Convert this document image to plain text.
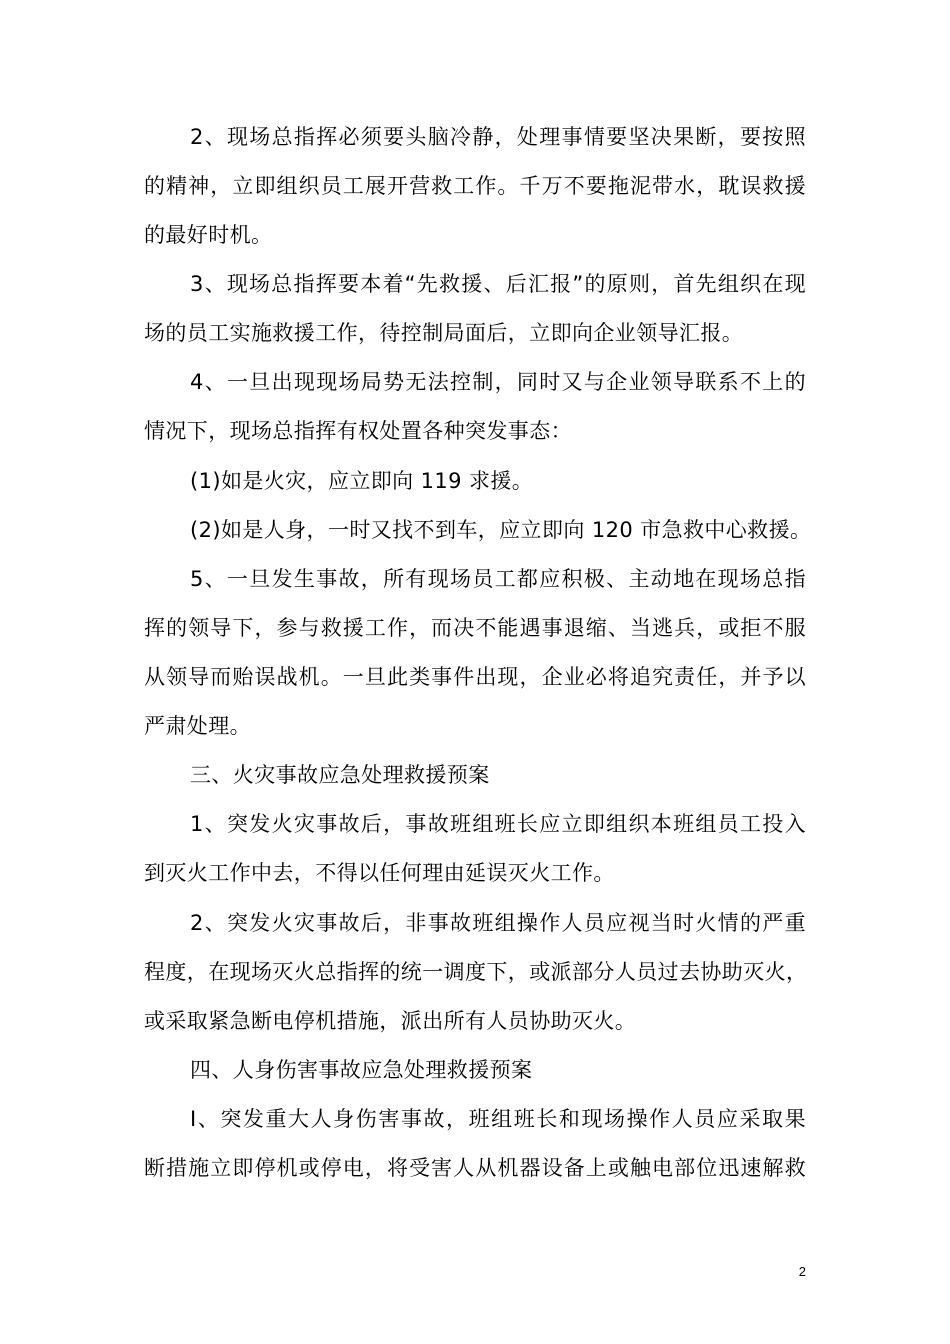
2、现场总指挥必须要头脑冷静，处理事情要坚决果断，要按照
的精神，立即组织员工展开营救工作。千万不要拖泥带水，耽误救援
的最好时机。
3、现场总指挥要本着“先救援、后汇报”的原则，首先组织在现
场的员工实施救援工作，待控制局面后，立即向企业领导汇报。
4、一旦出现现场局势无法控制，同时又与企业领导联系不上的
情况下，现场总指挥有权处置各种突发事态：
(1)如是火灾，应立即向 119 求援。
(2)如是人身，一时又找不到车，应立即向 120 市急救中心救援。
5、一旦发生事故，所有现场员工都应积极、主动地在现场总指
挥的领导下，参与救援工作，而决不能遇事退缩、当逃兵，或拒不服
从领导而贻误战机。一旦此类事件出现，企业必将追究责任，并予以
严肃处理。
三、火灾事故应急处理救援预案
1、突发火灾事故后，事故班组班长应立即组织本班组员工投入
到灭火工作中去，不得以任何理由延误灭火工作。
2、突发火灾事故后，非事故班组操作人员应视当时火情的严重
程度，在现场灭火总指挥的统一调度下，或派部分人员过去协助灭火，
或采取紧急断电停机措施，派出所有人员协助灭火。
四、人身伤害事故应急处理救援预案
I、突发重大人身伤害事故，班组班长和现场操作人员应采取果
断措施立即停机或停电，将受害人从机器设备上或触电部位迅速解救
2
